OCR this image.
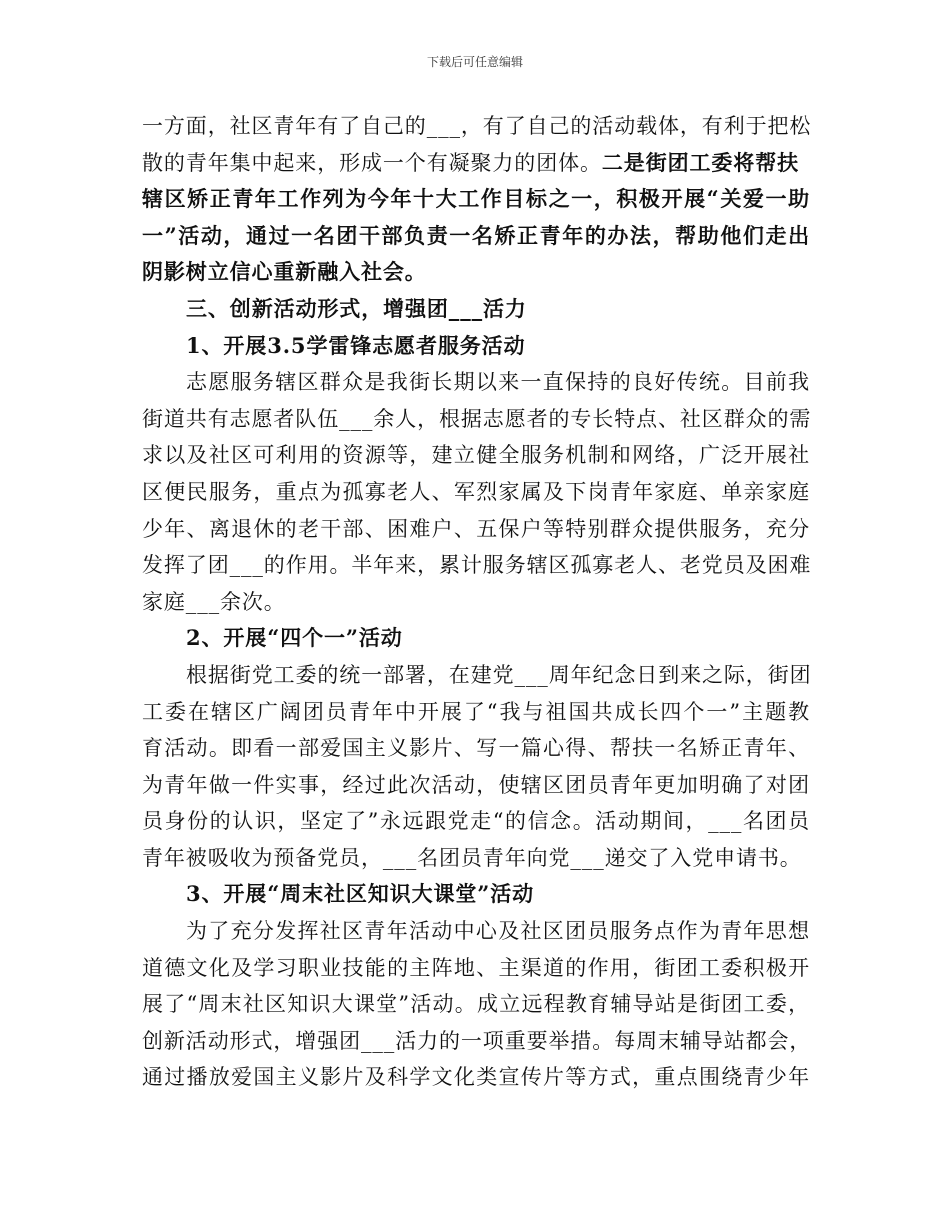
下载后可任意编辑
一方面，社区青年有了自己的___，有了自己的活动载体，有利于把松
散的青年集中起来，形成一个有凝聚力的团体。二是街团工委将帮扶
辖区矫正青年工作列为今年十大工作目标之一，积极开展“关爱一助
一”活动，通过一名团干部负责一名矫正青年的办法，帮助他们走出
阴影树立信心重新融入社会。
三、创新活动形式，增强团___活力
1、开展3.5学雷锋志愿者服务活动
志愿服务辖区群众是我街长期以来一直保持的良好传统。目前我
街道共有志愿者队伍___余人，根据志愿者的专长特点、社区群众的需
求以及社区可利用的资源等，建立健全服务机制和网络，广泛开展社
区便民服务，重点为孤寡老人、军烈家属及下岗青年家庭、单亲家庭
少年、离退休的老干部、困难户、五保户等特别群众提供服务，充分
发挥了团___的作用。半年来，累计服务辖区孤寡老人、老党员及困难
家庭___余次。
2、开展“四个一”活动
根据街党工委的统一部署，在建党___周年纪念日到来之际，街团
工委在辖区广阔团员青年中开展了“我与祖国共成长四个一”主题教
育活动。即看一部爱国主义影片、写一篇心得、帮扶一名矫正青年、
为青年做一件实事，经过此次活动，使辖区团员青年更加明确了对团
员身份的认识，坚定了”永远跟党走“的信念。活动期间，___名团员
青年被吸收为预备党员，___名团员青年向党___递交了入党申请书。
3、开展“周末社区知识大课堂”活动
为了充分发挥社区青年活动中心及社区团员服务点作为青年思想
道德文化及学习职业技能的主阵地、主渠道的作用，街团工委积极开
展了“周末社区知识大课堂”活动。成立远程教育辅导站是街团工委，
创新活动形式，增强团___活力的一项重要举措。每周末辅导站都会，
通过播放爱国主义影片及科学文化类宣传片等方式，重点围绕青少年
